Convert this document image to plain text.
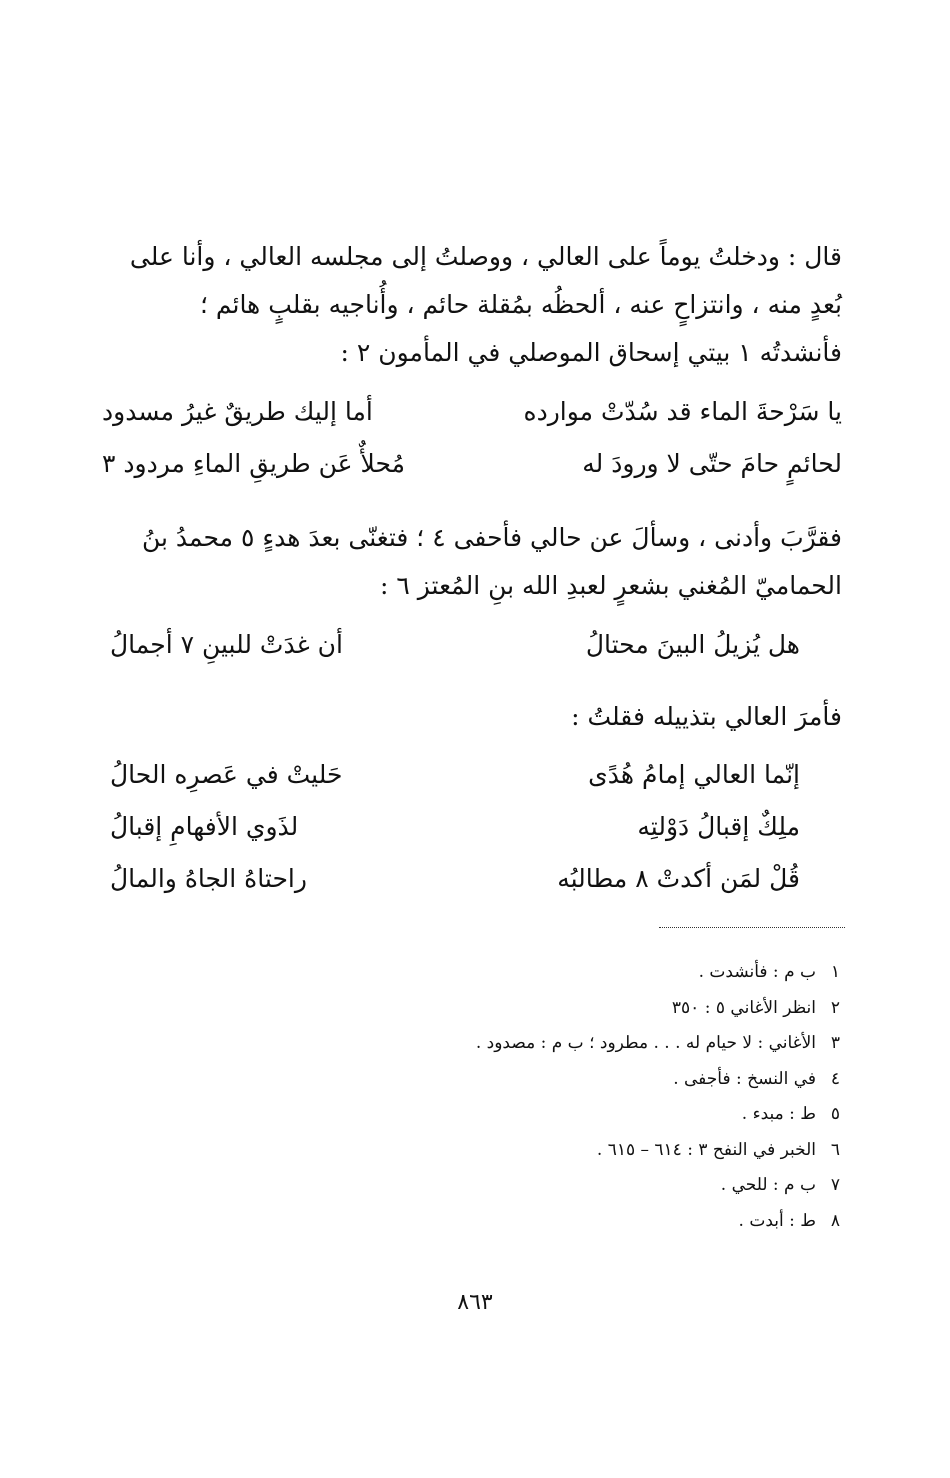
قال : ودخلتُ يوماً على العالي ، ووصلتُ إلى مجلسه العالي ، وأنا على
بُعدٍ منه ، وانتزاحٍ عنه ، ألحظُه بمُقلة حائم ، وأُناجيه بقلبٍ هائم ؛
فأنشدتُه ١ بيتي إسحاق الموصلي في المأمون ٢ :
يا سَرْحةَ الماء قد سُدّتْ موارده
أما إليك طريقٌ غيرُ مسدود
لحائمٍ حامَ حتّى لا ورودَ له
مُحلأٌ عَن طريقِ الماءِ مردود ٣
فقرَّبَ وأدنى ، وسألَ عن حالي فأحفى ٤ ؛ فتغنّى بعدَ هدءٍ ٥ محمدُ بنُ
الحماميّ المُغني بشعرٍ لعبدِ الله بنِ المُعتز ٦ :
هل يُزيلُ البينَ محتالُ
أن غدَتْ للبينِ ٧ أجمالُ
فأمرَ العالي بتذييله فقلتُ :
إنّما العالي إمامُ هُدًى
حَليتْ في عَصرِه الحالُ
ملِكٌ إقبالُ دَوْلتِه
لذَوي الأفهامِ إقبالُ
قُلْ لمَن أكدتْ ٨ مطالبُه
راحتاهُ الجاهُ والمالُ
١ب م : فأنشدت .
٢انظر الأغاني ٥ : ٣٥٠
٣الأغاني : لا حيام له . . . مطرود ؛ ب م : مصدود .
٤في النسخ : فأجفى .
٥ط : مبدء .
٦الخبر في النفح ٣ : ٦١٤ – ٦١٥ .
٧ب م : للحي .
٨ط : أبدت .
٨٦٣
